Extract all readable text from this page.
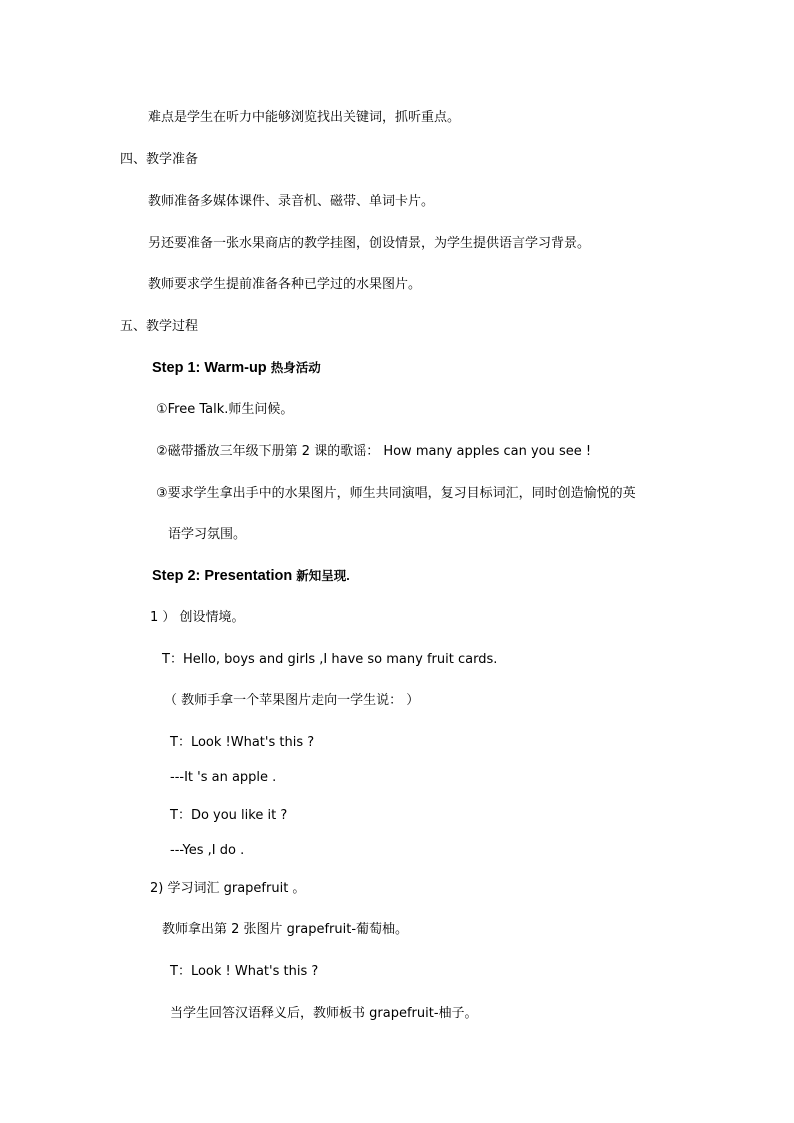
难点是学生在听力中能够浏览找出关键词，抓听重点。
四、教学准备
教师准备多媒体课件、录音机、磁带、单词卡片。
另还要准备一张水果商店的教学挂图，创设情景，为学生提供语言学习背景。
教师要求学生提前准备各种已学过的水果图片。
五、教学过程
Step 1: Warm-up 热身活动
①Free Talk.师生问候。
②磁带播放三年级下册第 2 课的歌谣： How many apples can you see !
③要求学生拿出手中的水果图片，师生共同演唱，复习目标词汇，同时创造愉悦的英
语学习氛围。
Step 2: Presentation 新知呈现.
1 ） 创设情境。
T：Hello, boys and girls ,I have so many fruit cards.
（ 教师手拿一个苹果图片走向一学生说： ）
T：Look !What's this ?
---It 's an apple .
T：Do you like it ?
---Yes ,I do .
2) 学习词汇 grapefruit 。
教师拿出第 2 张图片 grapefruit-葡萄柚。
T：Look ! What's this ?
当学生回答汉语释义后，教师板书 grapefruit-柚子。
